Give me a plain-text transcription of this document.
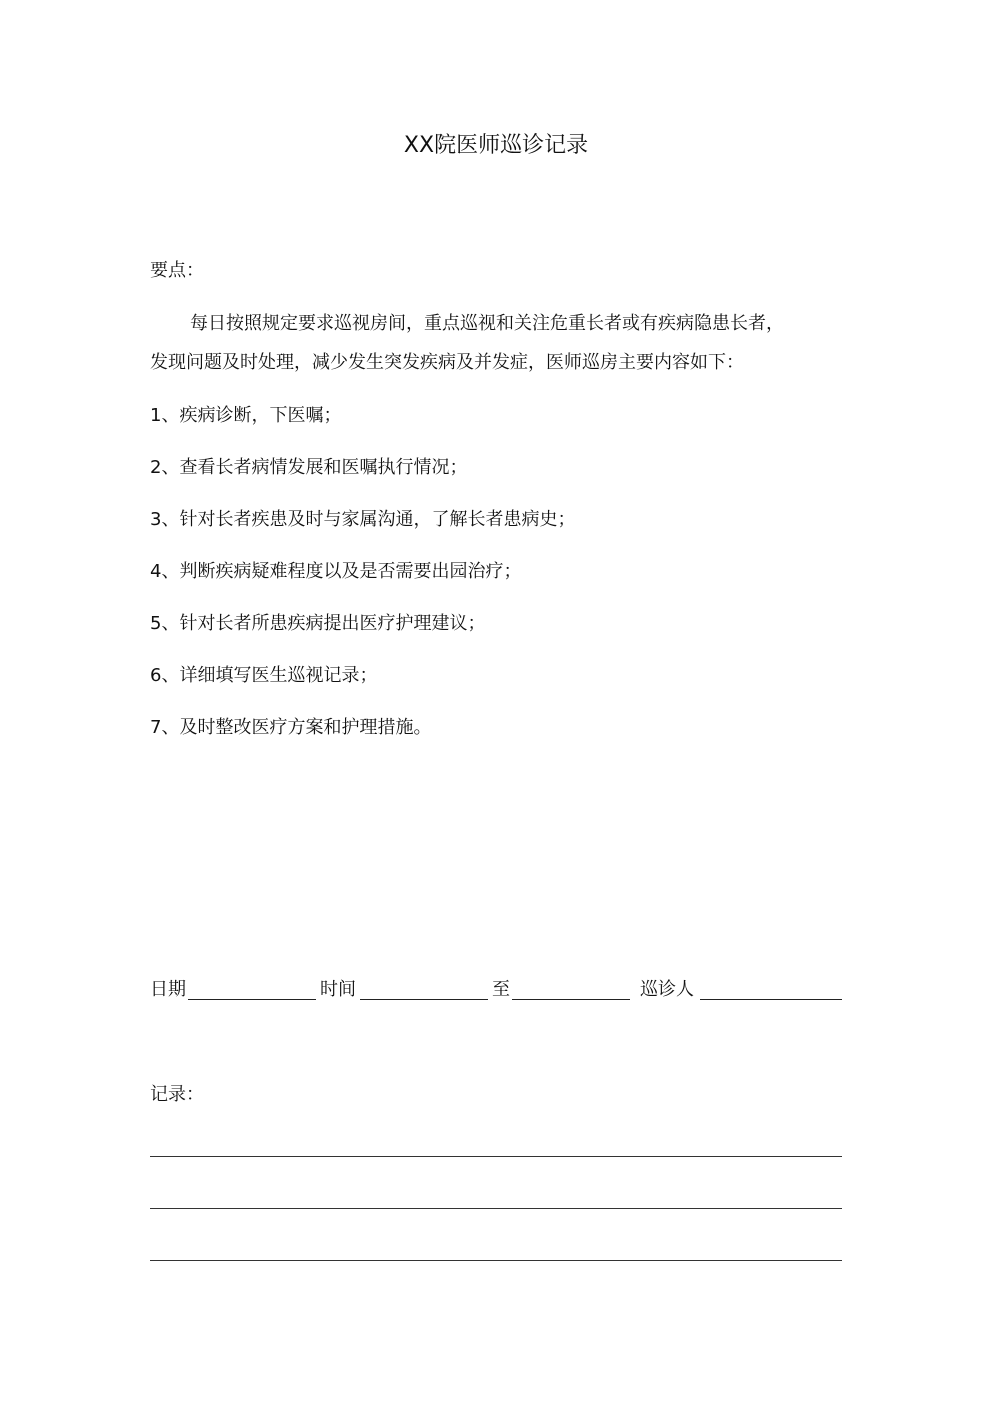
XX院医师巡诊记录
要点：
每日按照规定要求巡视房间，重点巡视和关注危重长者或有疾病隐患长者，
发现问题及时处理，减少发生突发疾病及并发症，医师巡房主要内容如下：
1、疾病诊断，下医嘱；
2、查看长者病情发展和医嘱执行情况；
3、针对长者疾患及时与家属沟通，了解长者患病史；
4、判断疾病疑难程度以及是否需要出园治疗；
5、针对长者所患疾病提出医疗护理建议；
6、详细填写医生巡视记录；
7、及时整改医疗方案和护理措施。
日期	时间	至	巡诊人
记录：
